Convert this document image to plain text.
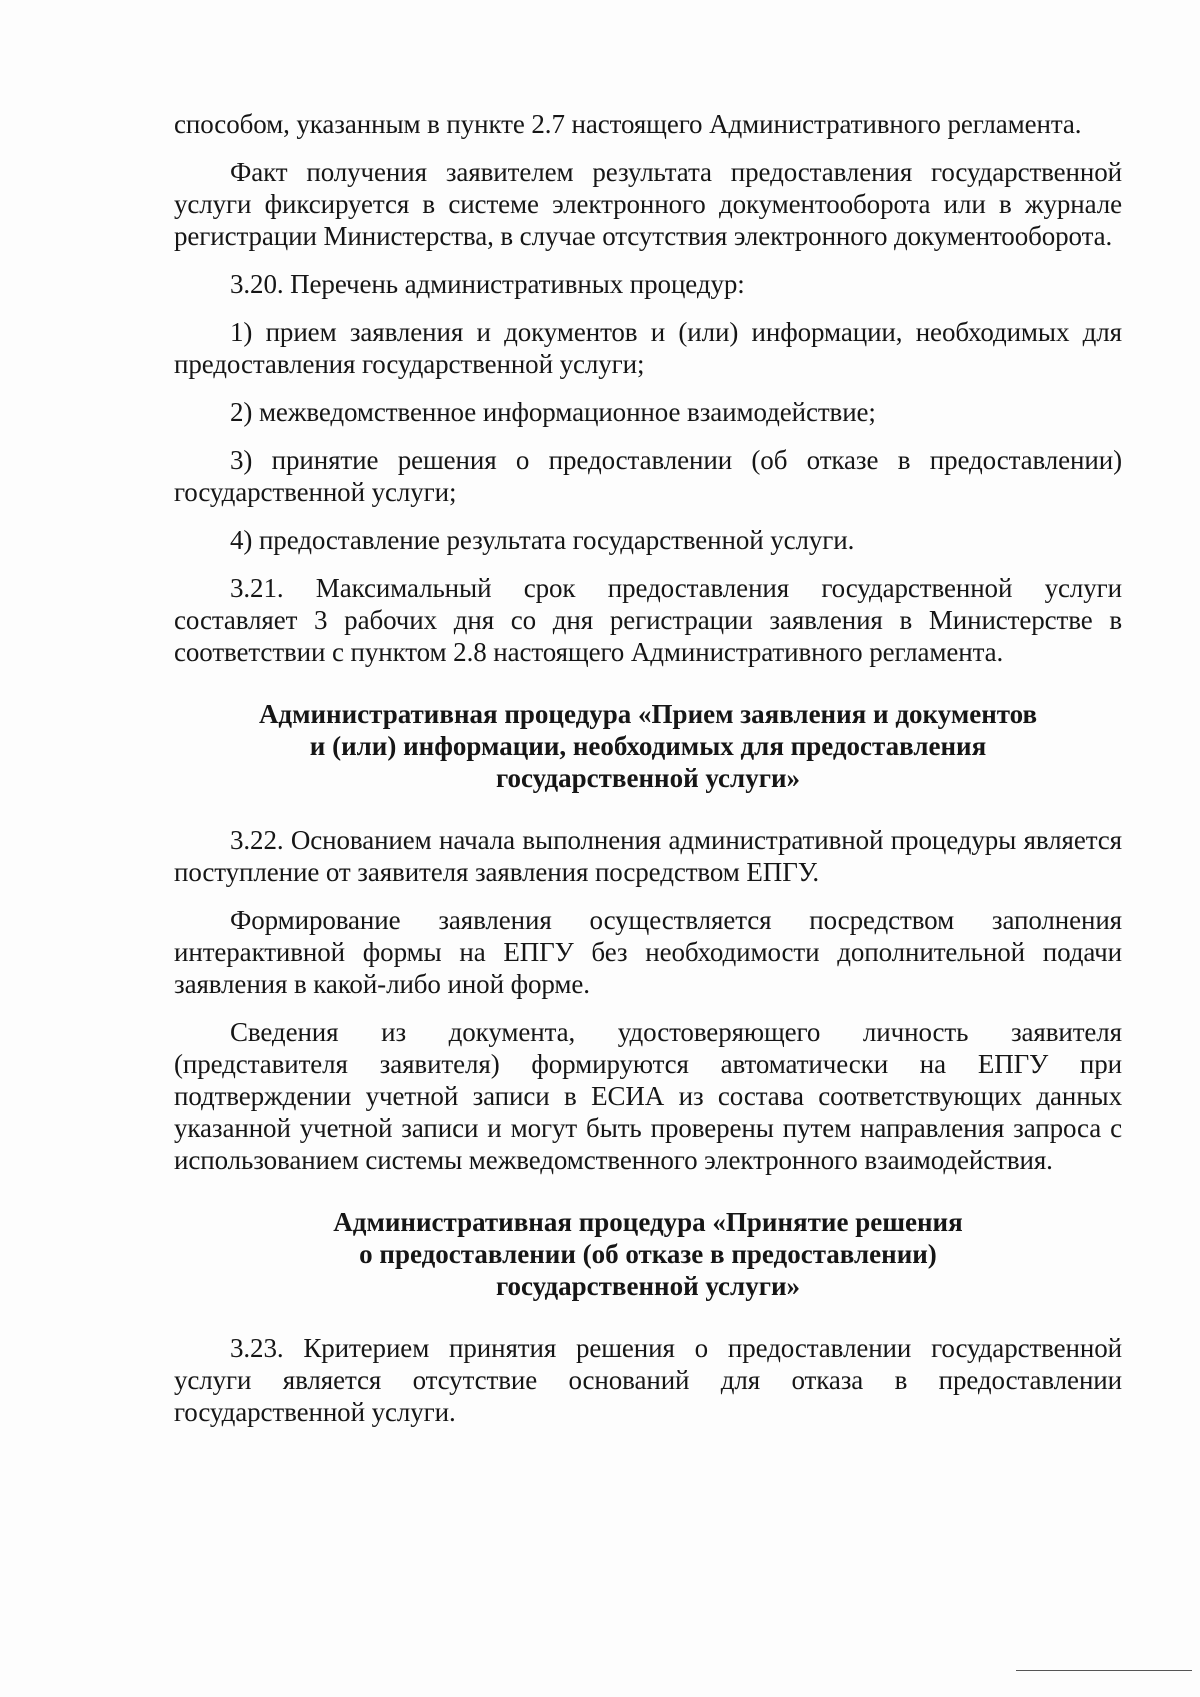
способом, указанным в пункте 2.7 настоящего Административного регламента.

Факт получения заявителем результата предоставления государственной услуги фиксируется в системе электронного документооборота или в журнале регистрации Министерства, в случае отсутствия электронного документооборота.

3.20. Перечень административных процедур:

1) прием заявления и документов и (или) информации, необходимых для предоставления государственной услуги;

2) межведомственное информационное взаимодействие;

3) принятие решения о предоставлении (об отказе в предоставлении) государственной услуги;

4) предоставление результата государственной услуги.

3.21. Максимальный срок предоставления государственной услуги составляет 3 рабочих дня со дня регистрации заявления в Министерстве в соответствии с пунктом 2.8 настоящего Административного регламента.

Административная процедура «Прием заявления и документов
и (или) информации, необходимых для предоставления
государственной услуги»

3.22. Основанием начала выполнения административной процедуры является поступление от заявителя заявления посредством ЕПГУ.

Формирование заявления осуществляется посредством заполнения интерактивной формы на ЕПГУ без необходимости дополнительной подачи заявления в какой-либо иной форме.

Сведения из документа, удостоверяющего личность заявителя (представителя заявителя) формируются автоматически на ЕПГУ при подтверждении учетной записи в ЕСИА из состава соответствующих данных указанной учетной записи и могут быть проверены путем направления запроса с использованием системы межведомственного электронного взаимодействия.

Административная процедура «Принятие решения
о предоставлении (об отказе в предоставлении)
государственной услуги»

3.23. Критерием принятия решения о предоставлении государственной услуги является отсутствие оснований для отказа в предоставлении государственной услуги.
